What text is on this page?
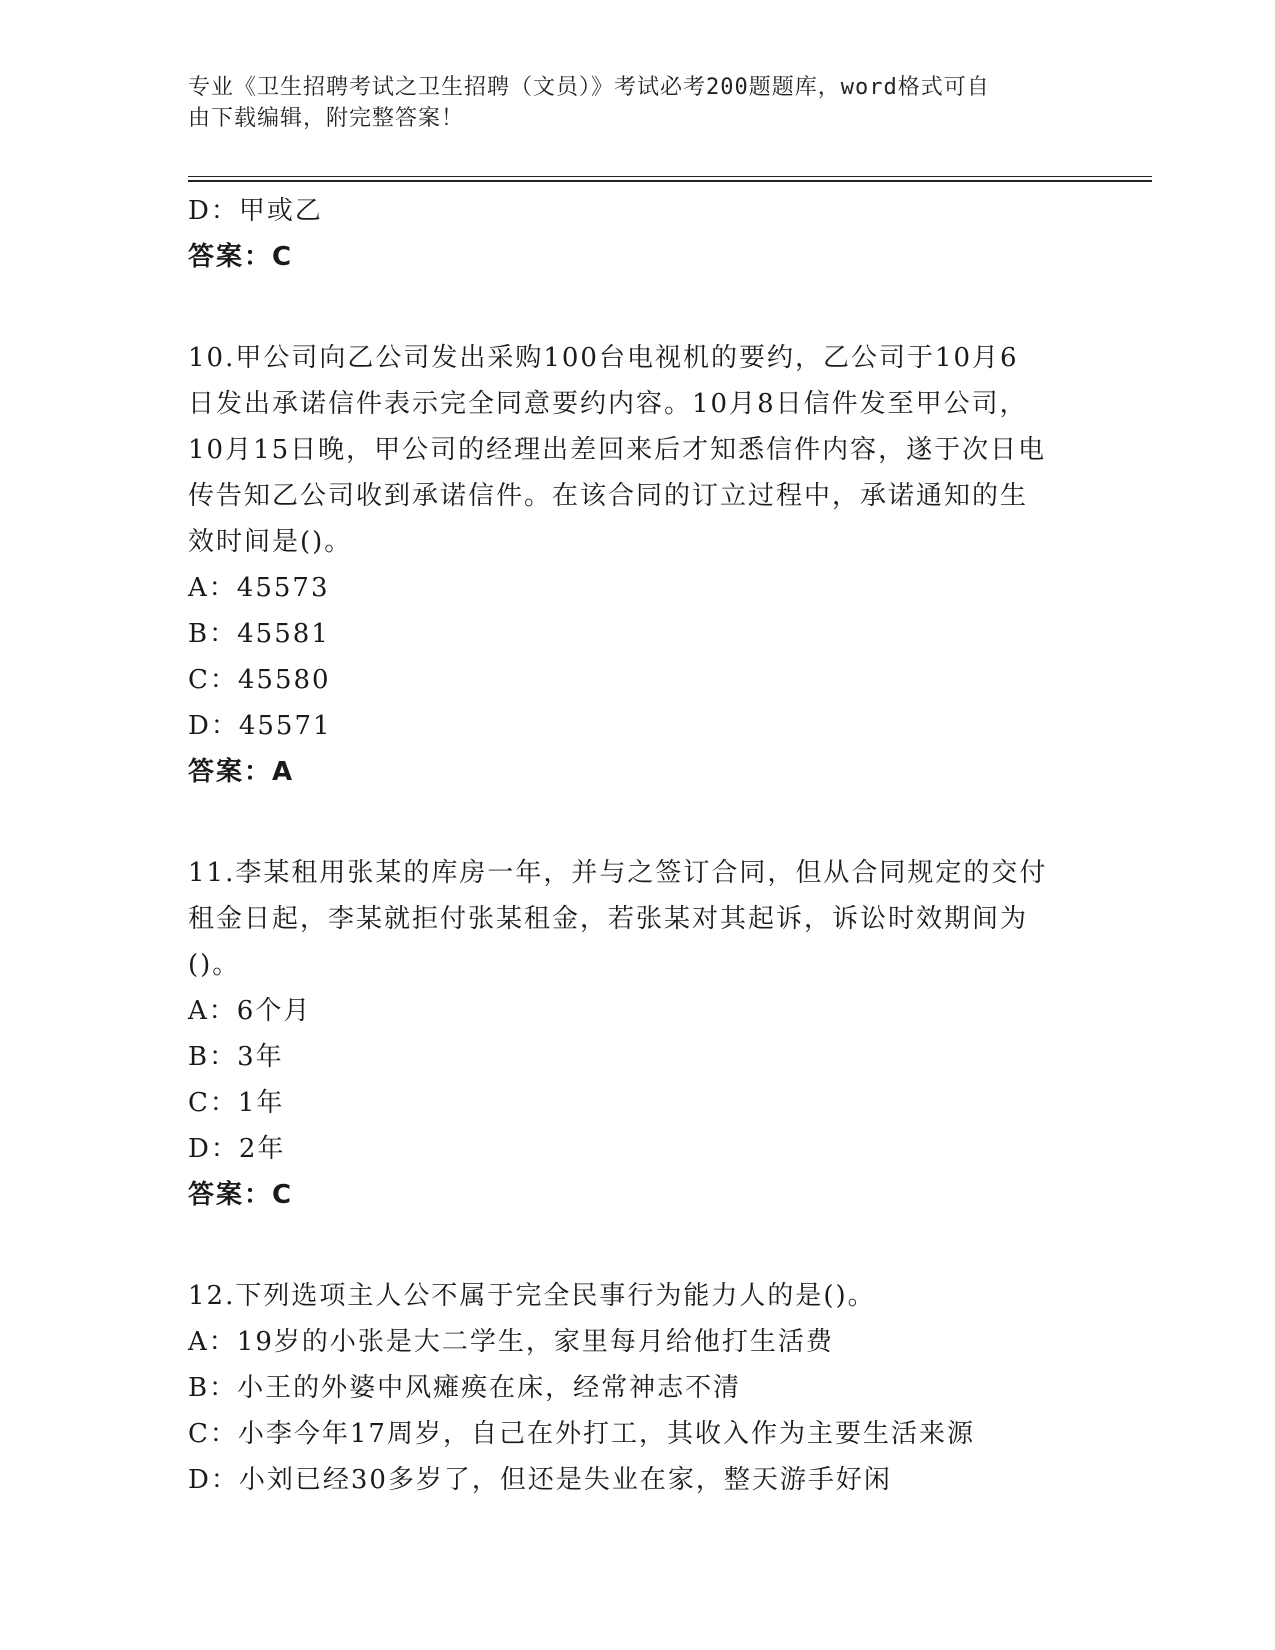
专业《卫生招聘考试之卫生招聘（文员）》考试必考200题题库，word格式可自
由下载编辑，附完整答案！
D：甲或乙
答案：C
10.甲公司向乙公司发出采购100台电视机的要约，乙公司于10月6
日发出承诺信件表示完全同意要约内容。10月8日信件发至甲公司，
10月15日晚，甲公司的经理出差回来后才知悉信件内容，遂于次日电
传告知乙公司收到承诺信件。在该合同的订立过程中，承诺通知的生
效时间是()。
A：45573
B：45581
C：45580
D：45571
答案：A
11.李某租用张某的库房一年，并与之签订合同，但从合同规定的交付
租金日起，李某就拒付张某租金，若张某对其起诉，诉讼时效期间为
()。
A：6个月
B：3年
C：1年
D：2年
答案：C
12.下列选项主人公不属于完全民事行为能力人的是()。
A：19岁的小张是大二学生，家里每月给他打生活费
B：小王的外婆中风瘫痪在床，经常神志不清
C：小李今年17周岁，自己在外打工，其收入作为主要生活来源
D：小刘已经30多岁了，但还是失业在家，整天游手好闲
